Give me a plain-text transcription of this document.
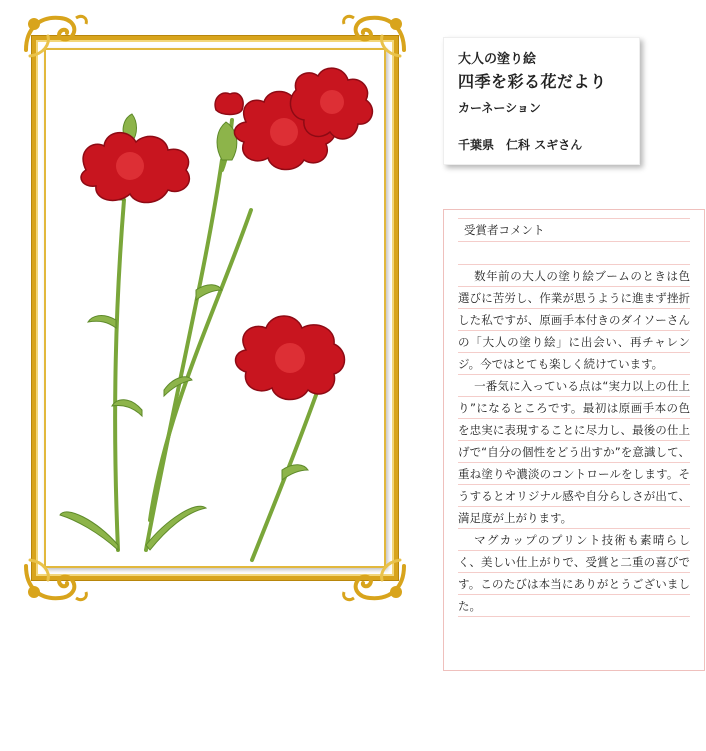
大人の塗り絵
四季を彩る花だより
カーネーション
千葉県 仁科 スギさん
受賞者コメント

数年前の大人の塗り絵ブームのときは色選びに苦労し、作業が思うように進まず挫折した私ですが、原画手本付きのダイソーさんの「大人の塗り絵」に出会い、再チャレンジ。今ではとても楽しく続けています。

一番気に入っている点は“実力以上の仕上り”になるところです。最初は原画手本の色を忠実に表現することに尽力し、最後の仕上げで“自分の個性をどう出すか”を意識して、重ね塗りや濃淡のコントロールをします。そうするとオリジナル感や自分らしさが出て、満足度が上がります。

マグカップのプリント技術も素晴らしく、美しい仕上がりで、受賞と二重の喜びです。このたびは本当にありがとうございました。
